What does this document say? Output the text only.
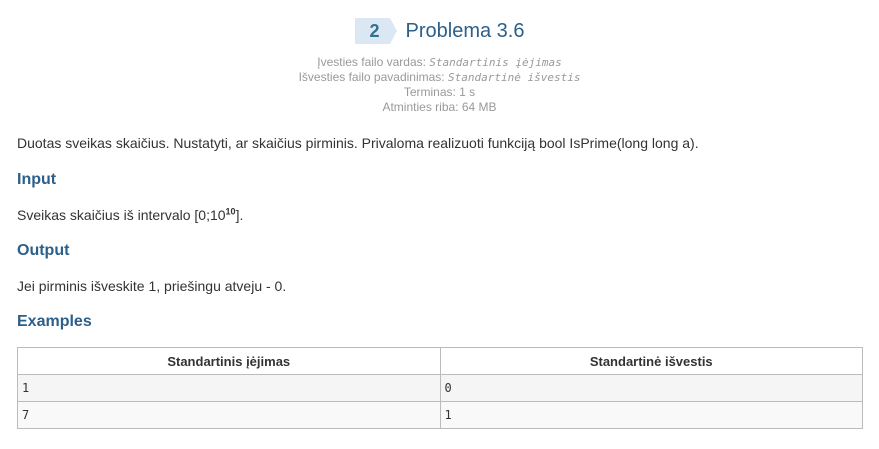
2	Problema 3.6
Įvesties failo vardas: Standartinis įėjimas
Išvesties failo pavadinimas: Standartinė išvestis
Terminas: 1 s
Atminties riba: 64 MB
Duotas sveikas skaičius. Nustatyti, ar skaičius pirminis. Privaloma realizuoti funkciją bool IsPrime(long long a).
Input
Sveikas skaičius iš intervalo $[0;10^{10}]$.
Output
Jei pirminis išveskite 1, priešingu atveju - 0.
Examples
Standartinis įėjimas	Standartinė išvestis
1	0
7	1
